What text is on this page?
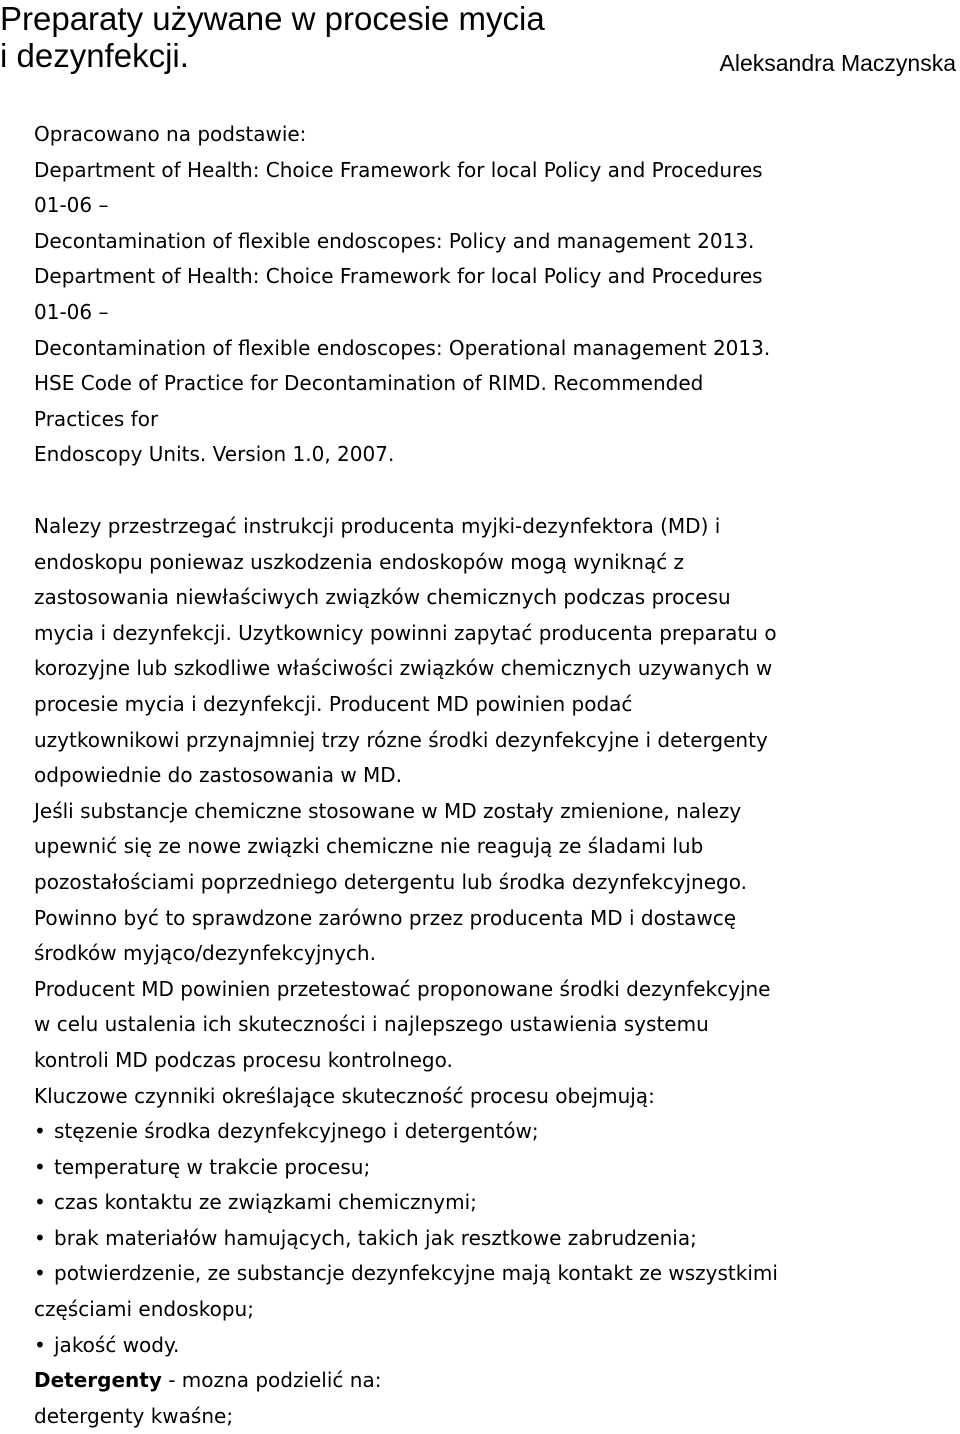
Preparaty używane w procesie mycia
i dezynfekcji.	Aleksandra Maczynska
Opracowano na podstawie:
Department of Health: Choice Framework for local Policy and Procedures
01-06 –
Decontamination of flexible endoscopes: Policy and management 2013.
Department of Health: Choice Framework for local Policy and Procedures
01-06 –
Decontamination of flexible endoscopes: Operational management 2013.
HSE Code of Practice for Decontamination of RIMD. Recommended
Practices for
Endoscopy Units. Version 1.0, 2007.
Nalezy przestrzegać instrukcji producenta myjki-dezynfektora (MD) i
endoskopu poniewaz uszkodzenia endoskopów mogą wyniknąć z
zastosowania niewłaściwych związków chemicznych podczas procesu
mycia i dezynfekcji. Uzytkownicy powinni zapytać producenta preparatu o
korozyjne lub szkodliwe właściwości związków chemicznych uzywanych w
procesie mycia i dezynfekcji. Producent MD powinien podać
uzytkownikowi przynajmniej trzy rózne środki dezynfekcyjne i detergenty
odpowiednie do zastosowania w MD.
Jeśli substancje chemiczne stosowane w MD zostały zmienione, nalezy
upewnić się ze nowe związki chemiczne nie reagują ze śladami lub
pozostałościami poprzedniego detergentu lub środka dezynfekcyjnego.
Powinno być to sprawdzone zarówno przez producenta MD i dostawcę
środków myjąco/dezynfekcyjnych.
Producent MD powinien przetestować proponowane środki dezynfekcyjne
w celu ustalenia ich skuteczności i najlepszego ustawienia systemu
kontroli MD podczas procesu kontrolnego.
Kluczowe czynniki określające skuteczność procesu obejmują:
• stęzenie środka dezynfekcyjnego i detergentów;
• temperaturę w trakcie procesu;
• czas kontaktu ze związkami chemicznymi;
• brak materiałów hamujących, takich jak resztkowe zabrudzenia;
• potwierdzenie, ze substancje dezynfekcyjne mają kontakt ze wszystkimi
częściami endoskopu;
• jakość wody.
Detergenty - mozna podzielić na:
detergenty kwaśne;
